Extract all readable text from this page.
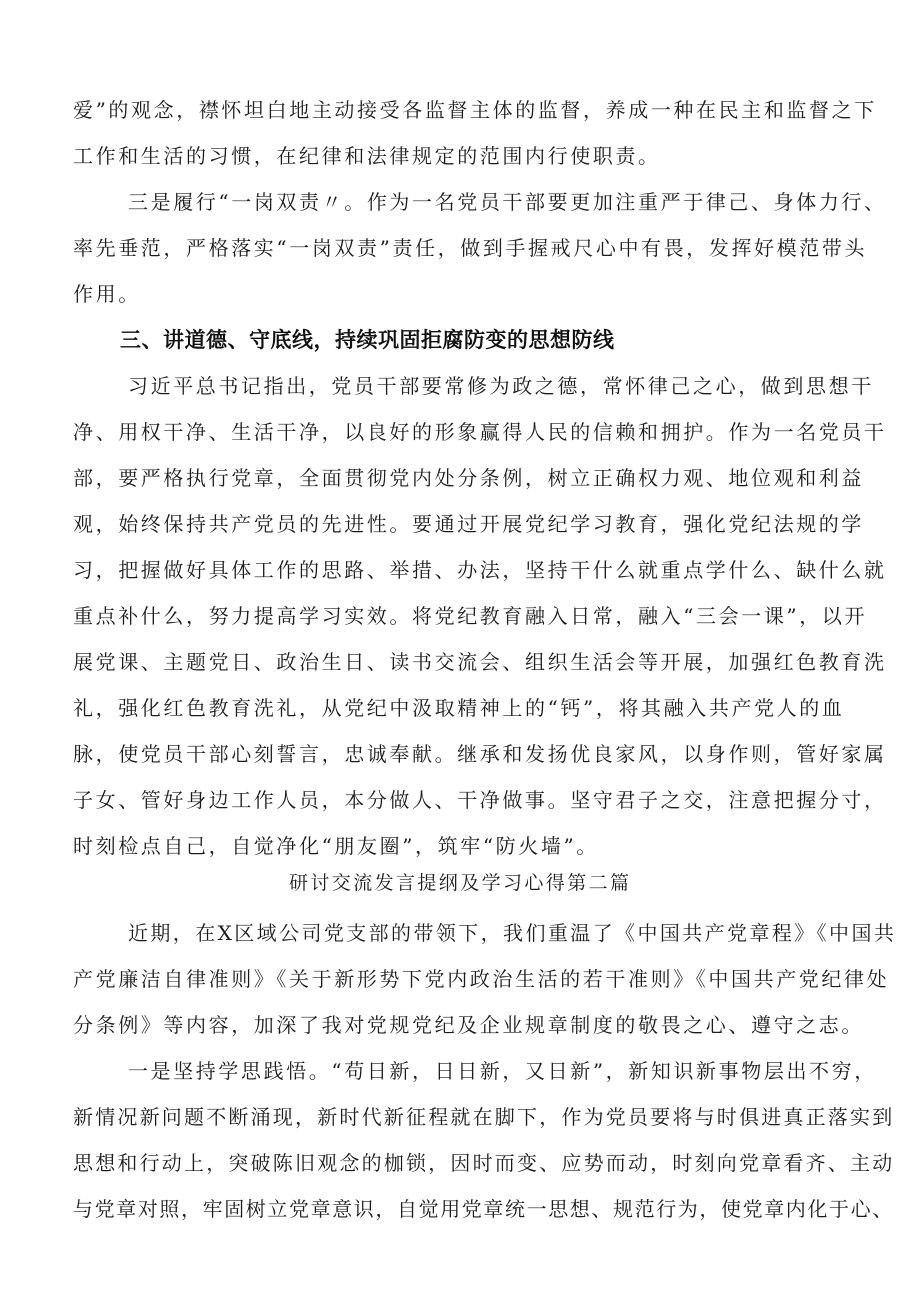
爱”的观念，襟怀坦白地主动接受各监督主体的监督，养成一种在民主和监督之下
工作和生活的习惯，在纪律和法律规定的范围内行使职责。
三是履行“一岗双责〃。作为一名党员干部要更加注重严于律己、身体力行、
率先垂范，严格落实“一岗双责”责任，做到手握戒尺心中有畏，发挥好模范带头
作用。
三、讲道德、守底线，持续巩固拒腐防变的思想防线
习近平总书记指出，党员干部要常修为政之德，常怀律己之心，做到思想干
净、用权干净、生活干净，以良好的形象赢得人民的信赖和拥护。作为一名党员干
部，要严格执行党章，全面贯彻党内处分条例，树立正确权力观、地位观和利益
观，始终保持共产党员的先进性。要通过开展党纪学习教育，强化党纪法规的学
习，把握做好具体工作的思路、举措、办法，坚持干什么就重点学什么、缺什么就
重点补什么，努力提高学习实效。将党纪教育融入日常，融入“三会一课”，以开
展党课、主题党日、政治生日、读书交流会、组织生活会等开展，加强红色教育洗
礼，强化红色教育洗礼，从党纪中汲取精神上的“钙”，将其融入共产党人的血
脉，使党员干部心刻誓言，忠诚奉献。继承和发扬优良家风，以身作则，管好家属
子女、管好身边工作人员，本分做人、干净做事。坚守君子之交，注意把握分寸，
时刻检点自己，自觉净化“朋友圈”，筑牢“防火墙”。
研讨交流发言提纲及学习心得第二篇
近期，在X区域公司党支部的带领下，我们重温了《中国共产党章程》《中国共
产党廉洁自律准则》《关于新形势下党内政治生活的若干准则》《中国共产党纪律处
分条例》等内容，加深了我对党规党纪及企业规章制度的敬畏之心、遵守之志。
一是坚持学思践悟。“苟日新，日日新，又日新”，新知识新事物层出不穷，
新情况新问题不断涌现，新时代新征程就在脚下，作为党员要将与时俱进真正落实到
思想和行动上，突破陈旧观念的枷锁，因时而变、应势而动，时刻向党章看齐、主动
与党章对照，牢固树立党章意识，自觉用党章统一思想、规范行为，使党章内化于心、
